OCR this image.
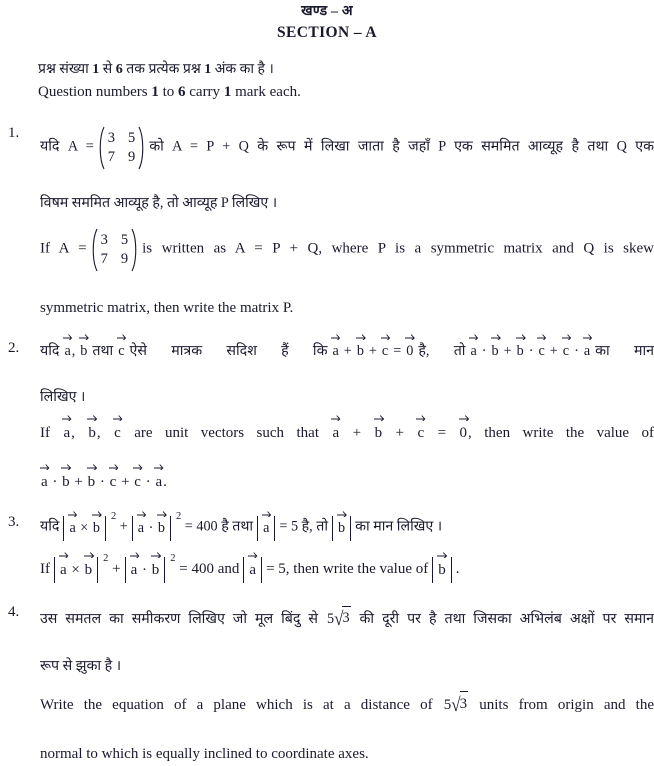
खण्ड – अ
SECTION – A
प्रश्न संख्या 1 से 6 तक प्रत्येक प्रश्न 1 अंक का है ।
Question numbers 1 to 6 carry 1 mark each.
1.
यदि A =
3 5
7 9
को A = P + Q के रूप में लिखा जाता है जहाँ P एक सममित आव्यूह है तथा Q एक
विषम सममित आव्यूह है, तो आव्यूह P लिखिए ।
If A =
3 5
7 9
is written as A = P + Q, where P is a symmetric matrix and Q is skew
symmetric matrix, then write the matrix P.
2.	यदि a, b तथा c ऐसे मात्रक सदिश हैं कि a + b + c = 0 है, तो a · b + b · c + c · a का मान
लिखिए ।
If a, b, c are unit vectors such that a + b + c = 0, then write the value of
a · b + b · c + c · a.
3.	यदि a × b
$^2$ + a · b
$^2$ = 400 है तथा a = 5 है, तो b का मान लिखिए ।
If a × b
$^2$ + a · b
$^2$ = 400 and a = 5, then write the value of b .
4.	उस समतल का समीकरण लिखिए जो मूल बिंदु से 5√3 की दूरी पर है तथा जिसका अभिलंब अक्षों पर समान
रूप से झुका है ।
Write the equation of a plane which is at a distance of 5√3 units from origin and the
normal to which is equally inclined to coordinate axes.
